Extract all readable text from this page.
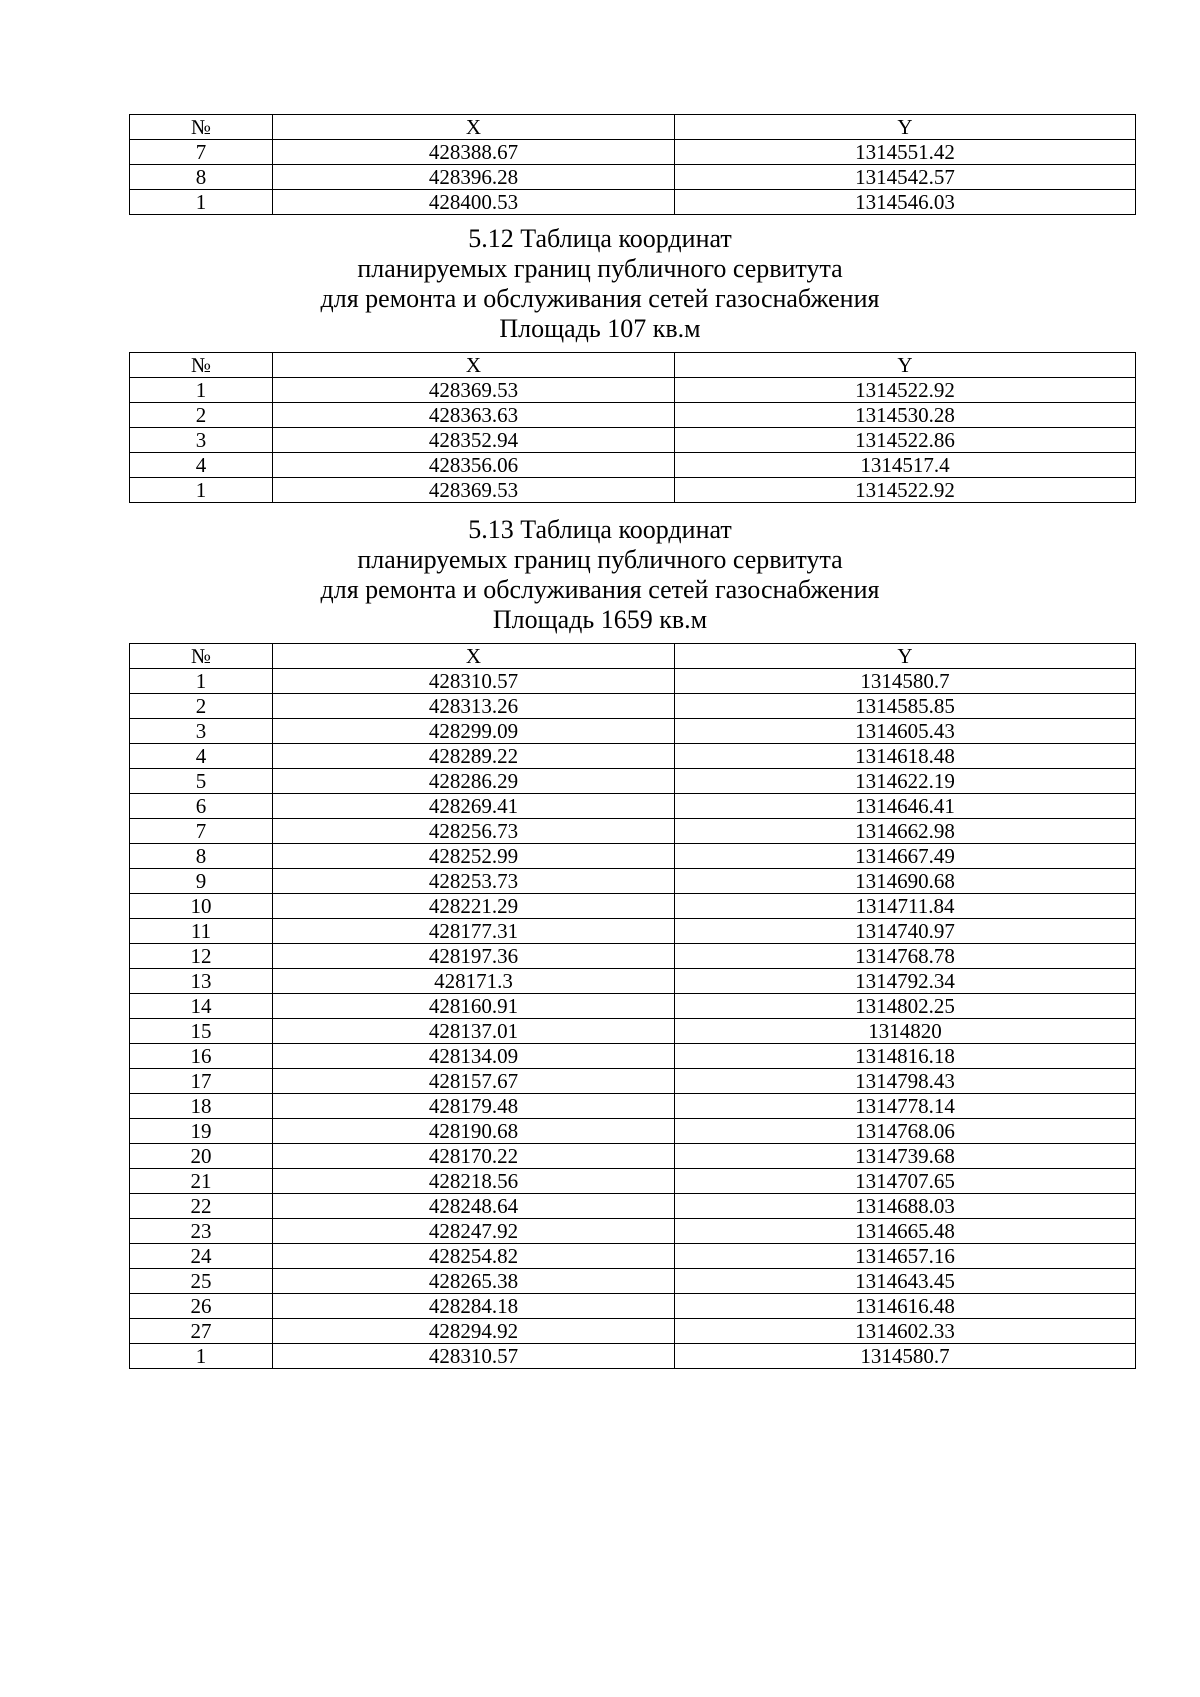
№	X	Y
7	428388.67	1314551.42
8	428396.28	1314542.57
1	428400.53	1314546.03
5.12 Таблица координат
планируемых границ публичного сервитута
для ремонта и обслуживания сетей газоснабжения
Площадь 107 кв.м
№	X	Y
1	428369.53	1314522.92
2	428363.63	1314530.28
3	428352.94	1314522.86
4	428356.06	1314517.4
1	428369.53	1314522.92
5.13 Таблица координат
планируемых границ публичного сервитута
для ремонта и обслуживания сетей газоснабжения
Площадь 1659 кв.м
№	X	Y
1	428310.57	1314580.7
2	428313.26	1314585.85
3	428299.09	1314605.43
4	428289.22	1314618.48
5	428286.29	1314622.19
6	428269.41	1314646.41
7	428256.73	1314662.98
8	428252.99	1314667.49
9	428253.73	1314690.68
10	428221.29	1314711.84
11	428177.31	1314740.97
12	428197.36	1314768.78
13	428171.3	1314792.34
14	428160.91	1314802.25
15	428137.01	1314820
16	428134.09	1314816.18
17	428157.67	1314798.43
18	428179.48	1314778.14
19	428190.68	1314768.06
20	428170.22	1314739.68
21	428218.56	1314707.65
22	428248.64	1314688.03
23	428247.92	1314665.48
24	428254.82	1314657.16
25	428265.38	1314643.45
26	428284.18	1314616.48
27	428294.92	1314602.33
1	428310.57	1314580.7
